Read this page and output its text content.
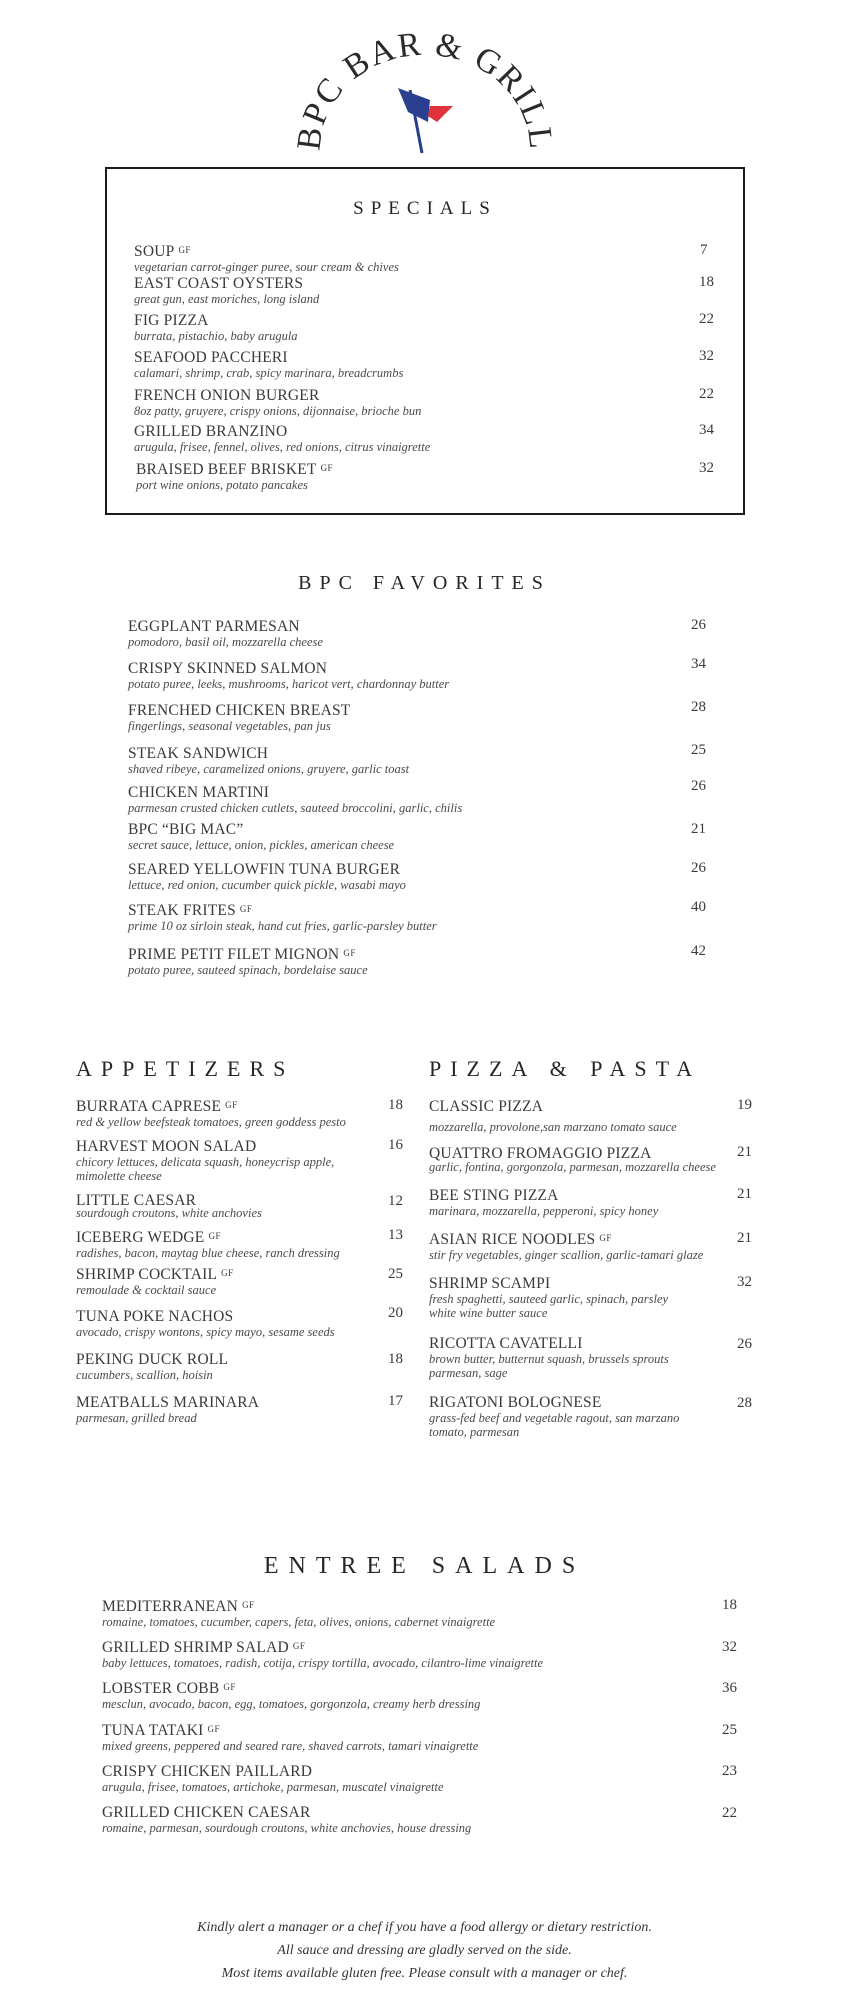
BPC BAR & GRILL
SPECIALS
SOUP GF
vegetarian carrot-ginger puree, sour cream & chives
7
EAST COAST OYSTERS
great gun, east moriches, long island
18
FIG PIZZA
burrata, pistachio, baby arugula
22
SEAFOOD PACCHERI
calamari, shrimp, crab, spicy marinara, breadcrumbs
32
FRENCH ONION BURGER
8oz patty, gruyere, crispy onions, dijonnaise, brioche bun
22
GRILLED BRANZINO
arugula, frisee, fennel, olives, red onions, citrus vinaigrette
34
BRAISED BEEF BRISKET GF
port wine onions, potato pancakes
32
BPC FAVORITES
EGGPLANT PARMESAN
pomodoro, basil oil, mozzarella cheese
26
CRISPY SKINNED SALMON
potato puree, leeks, mushrooms, haricot vert, chardonnay butter
34
FRENCHED CHICKEN BREAST
fingerlings, seasonal vegetables, pan jus
28
STEAK SANDWICH
shaved ribeye, caramelized onions, gruyere, garlic toast
25
CHICKEN MARTINI
parmesan crusted chicken cutlets, sauteed broccolini, garlic, chilis
26
BPC “BIG MAC”
secret sauce, lettuce, onion, pickles, american cheese
21
SEARED YELLOWFIN TUNA BURGER
lettuce, red onion, cucumber quick pickle, wasabi mayo
26
STEAK FRITES GF
prime 10 oz sirloin steak, hand cut fries, garlic-parsley butter
40
PRIME PETIT FILET MIGNON GF
potato puree, sauteed spinach, bordelaise sauce
42
APPETIZERS
BURRATA CAPRESE GF
red & yellow beefsteak tomatoes, green goddess pesto
18
HARVEST MOON SALAD
chicory lettuces, delicata squash, honeycrisp apple, mimolette cheese
16
LITTLE CAESAR
sourdough croutons, white anchovies
12
ICEBERG WEDGE GF
radishes, bacon, maytag blue cheese, ranch dressing
13
SHRIMP COCKTAIL GF
remoulade & cocktail sauce
25
TUNA POKE NACHOS
avocado, crispy wontons, spicy mayo, sesame seeds
20
PEKING DUCK ROLL
cucumbers, scallion, hoisin
18
MEATBALLS MARINARA
parmesan, grilled bread
17
PIZZA & PASTA
CLASSIC PIZZA
mozzarella, provolone,san marzano tomato sauce
19
QUATTRO FROMAGGIO PIZZA
garlic, fontina, gorgonzola, parmesan, mozzarella cheese
21
BEE STING PIZZA
marinara, mozzarella, pepperoni, spicy honey
21
ASIAN RICE NOODLES GF
stir fry vegetables, ginger scallion, garlic-tamari glaze
21
SHRIMP SCAMPI
fresh spaghetti, sauteed garlic, spinach, parsley white wine butter sauce
32
RICOTTA CAVATELLI
brown butter, butternut squash, brussels sprouts parmesan, sage
26
RIGATONI BOLOGNESE
grass-fed beef and vegetable ragout, san marzano tomato, parmesan
28
ENTREE SALADS
MEDITERRANEAN GF
romaine, tomatoes, cucumber, capers, feta, olives, onions, cabernet vinaigrette
18
GRILLED SHRIMP SALAD GF
baby lettuces, tomatoes, radish, cotija, crispy tortilla, avocado, cilantro-lime vinaigrette
32
LOBSTER COBB GF
mesclun, avocado, bacon, egg, tomatoes, gorgonzola, creamy herb dressing
36
TUNA TATAKI GF
mixed greens, peppered and seared rare, shaved carrots, tamari vinaigrette
25
CRISPY CHICKEN PAILLARD
arugula, frisee, tomatoes, artichoke, parmesan, muscatel vinaigrette
23
GRILLED CHICKEN CAESAR
romaine, parmesan, sourdough croutons, white anchovies, house dressing
22
Kindly alert a manager or a chef if you have a food allergy or dietary restriction.
All sauce and dressing are gladly served on the side.
Most items available gluten free. Please consult with a manager or chef.
